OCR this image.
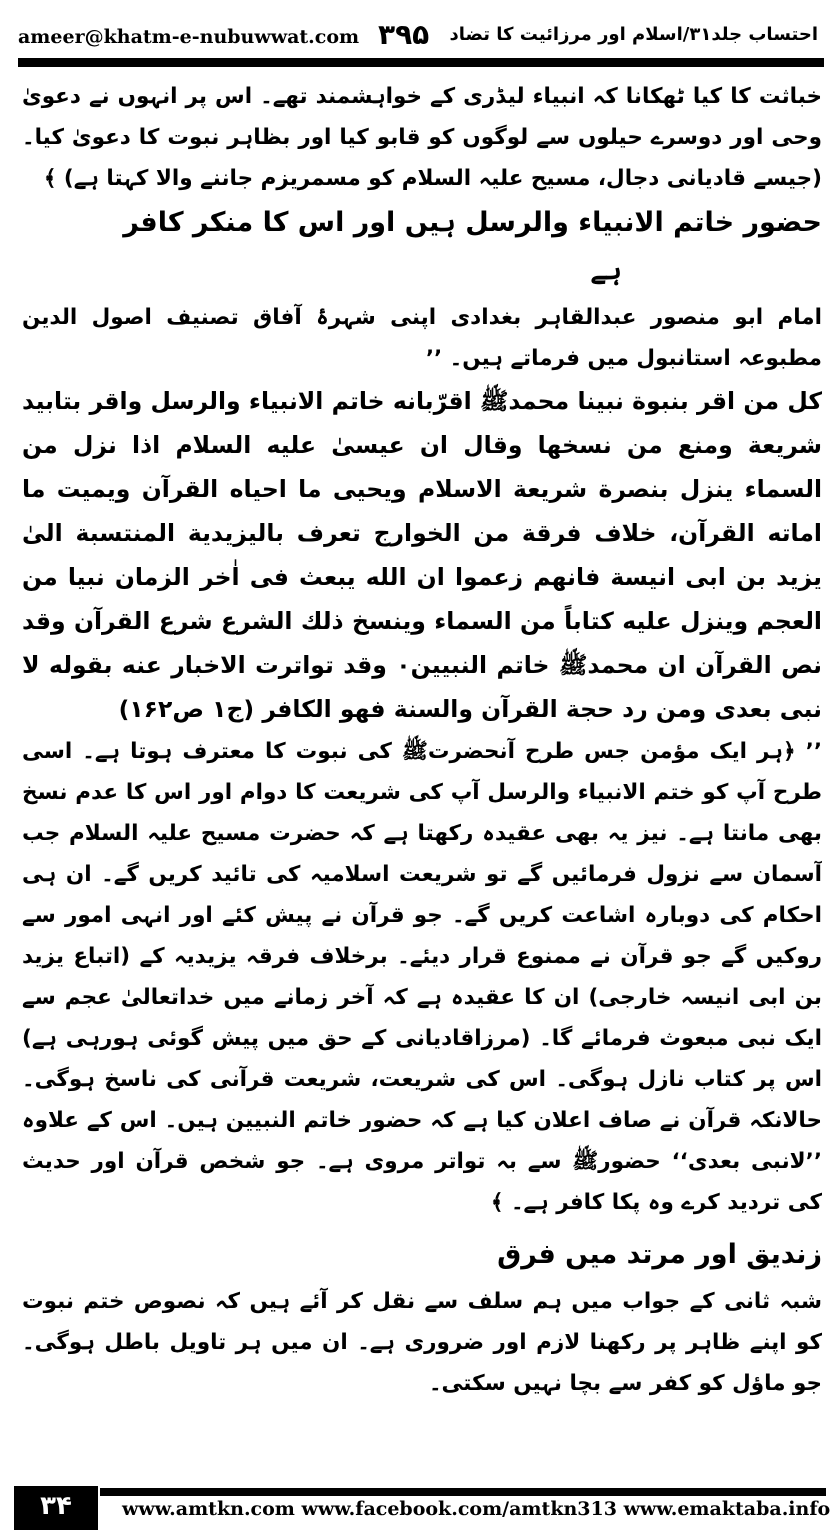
ameer@khatm-e-nubuwwat.com ۳۹۵ احتساب جلد۳۱/اسلام اور مرزائیت کا تضاد

خباثت کا کیا ٹھکانا کہ انبیاء لیڈری کے خواہشمند تھے۔ اس پر انہوں نے دعویٰ وحی اور دوسرے حیلوں سے لوگوں کو قابو کیا اور بظاہر نبوت کا دعویٰ کیا۔ (جیسے قادیانی دجال، مسیح علیہ السلام کو مسمریزم جاننے والا کہتا ہے) ﴾

حضور خاتم الانبیاء والرسل ہیں اور اس کا منکر کافر
ہے

امام ابو منصور عبدالقاہر بغدادی اپنی شہرۂ آفاق تصنیف اصول الدین مطبوعہ استانبول میں فرماتے ہیں۔ ’’

کل من اقر بنبوة نبینا محمدﷺ اقرّبانه خاتم الانبیاء والرسل واقر بتابید شریعة ومنع من نسخها وقال ان عیسیٰ علیه السلام اذا نزل من السماء ینزل بنصرة شریعة الاسلام ویحیی ما احیاه القرآن ویمیت ما اماته القرآن، خلاف فرقة من الخوارج تعرف بالیزیدیة المنتسبة الیٰ یزید بن ابی انیسة فانهم زعموا ان الله یبعث فی اٰخر الزمان نبیا من العجم وینزل علیه کتاباً من السماء وینسخ ذلك الشرع شرع القرآن وقد نص القرآن ان محمدﷺ خاتم النبیین۰ وقد تواترت الاخبار عنه بقوله لا نبی بعدی ومن رد حجة القرآن والسنة فهو الکافر (ج۱ ص۱۶۲)

’’ ﴿ہر ایک مؤمن جس طرح آنحضرتﷺ کی نبوت کا معترف ہوتا ہے۔ اسی طرح آپ کو ختم الانبیاء والرسل آپ کی شریعت کا دوام اور اس کا عدم نسخ بھی مانتا ہے۔ نیز یہ بھی عقیدہ رکھتا ہے کہ حضرت مسیح علیہ السلام جب آسمان سے نزول فرمائیں گے تو شریعت اسلامیہ کی تائید کریں گے۔ ان ہی احکام کی دوبارہ اشاعت کریں گے۔ جو قرآن نے پیش کئے اور انہی امور سے روکیں گے جو قرآن نے ممنوع قرار دیئے۔ برخلاف فرقہ یزیدیہ کے (اتباع یزید بن ابی انیسہ خارجی) ان کا عقیدہ ہے کہ آخر زمانے میں خداتعالیٰ عجم سے ایک نبی مبعوث فرمائے گا۔ (مرزاقادیانی کے حق میں پیش گوئی ہورہی ہے) اس پر کتاب نازل ہوگی۔ اس کی شریعت، شریعت قرآنی کی ناسخ ہوگی۔ حالانکہ قرآن نے صاف اعلان کیا ہے کہ حضور خاتم النبیین ہیں۔ اس کے علاوہ ’’لانبی بعدی‘‘ حضورﷺ سے بہ تواتر مروی ہے۔ جو شخص قرآن اور حدیث کی تردید کرے وہ پکا کافر ہے۔ ﴾

زندیق اور مرتد میں فرق

شبہ ثانی کے جواب میں ہم سلف سے نقل کر آئے ہیں کہ نصوص ختم نبوت کو اپنے ظاہر پر رکھنا لازم اور ضروری ہے۔ ان میں ہر تاویل باطل ہوگی۔ جو ماؤل کو کفر سے بچا نہیں سکتی۔

۳۴	www.amtkn.com www.facebook.com/amtkn313 www.emaktaba.info
